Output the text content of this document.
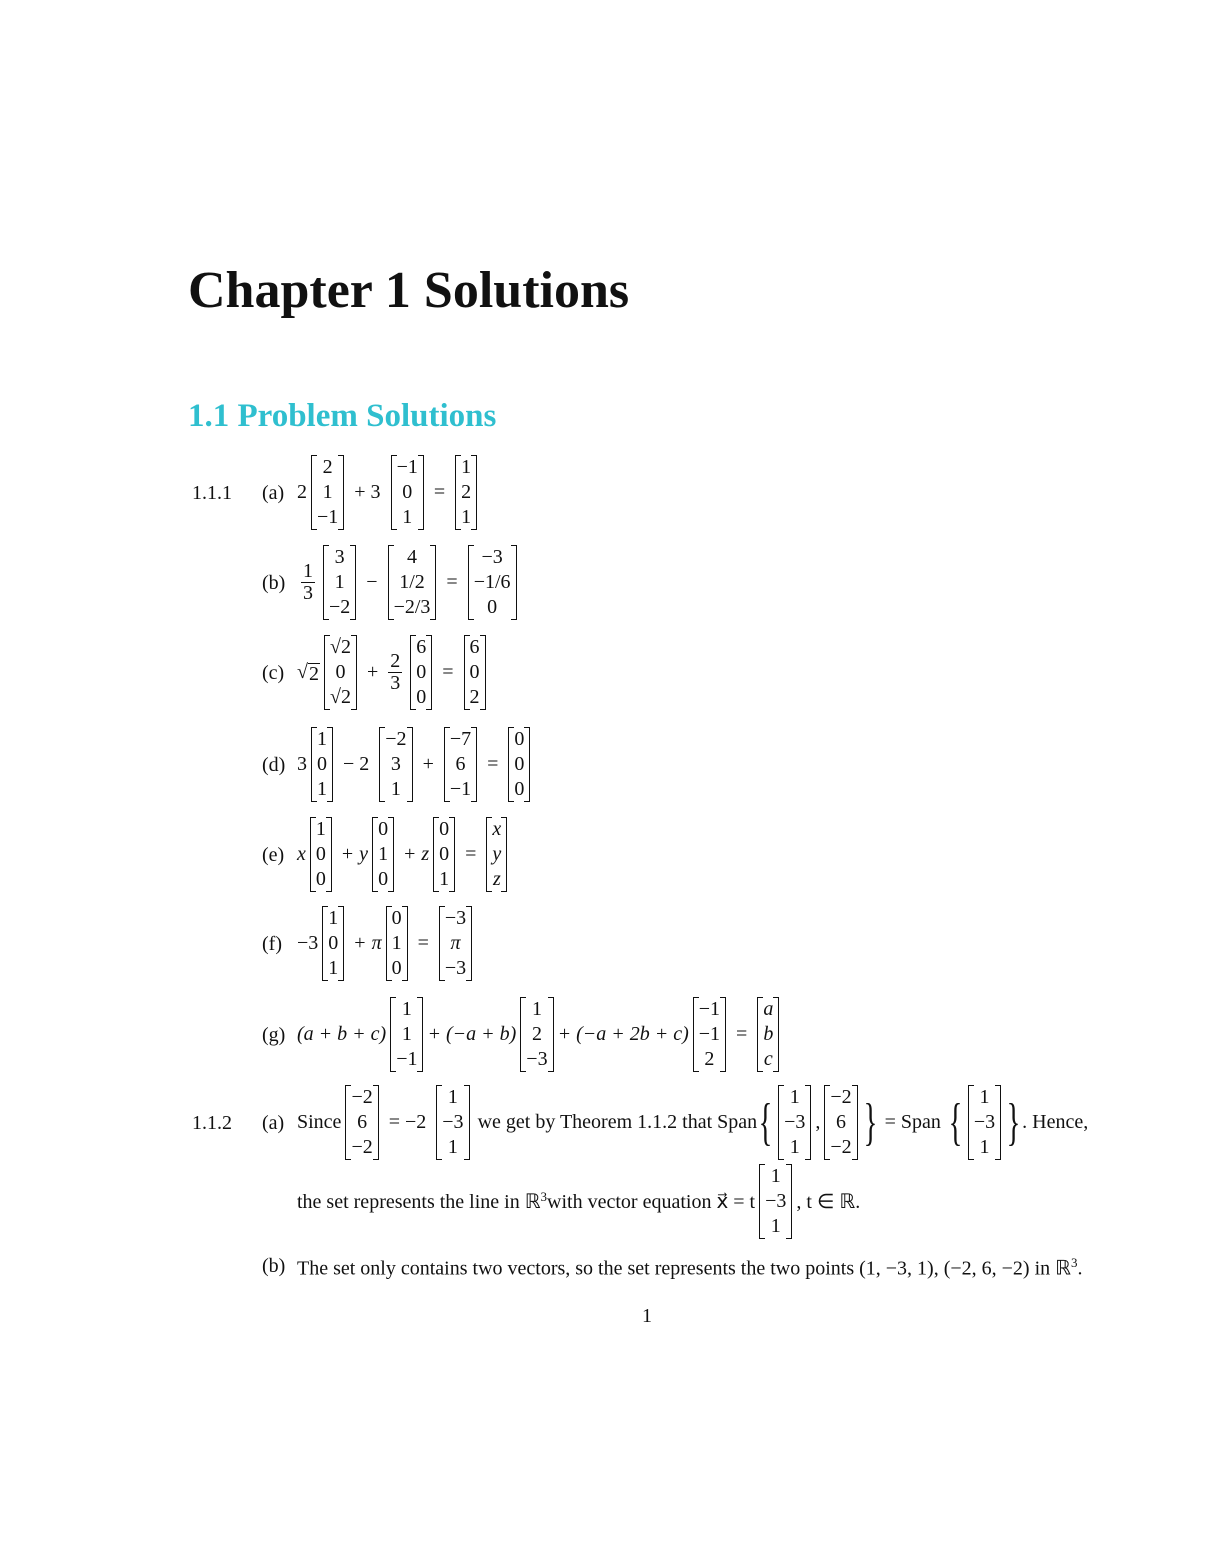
Chapter 1 Solutions
1.1 Problem Solutions
1.1.1 (a) 2
2
1
−1
+ 3
−1
0
1
=
1
2
1
$(b) \frac{1}{3}$
3
1
−2
−
4
1/2
−2/3
=
−3
−1/6
0
(c) √ 2
√2
0
√2
+ $\frac{2}{3}$
6
0
0
=
6
0
2
(d) 3
1
0
1
− 2
−2
3
1
+
−7
6
−1
=
0
0
0
(e) x
1
0
0
+ y
0
1
0
+ z
0
0
1
=
x
y
z
(f) −3
1
0
1
+ π
0
1
0
=
−3
π
−3
(g) (a + b + c)
1
1
−1
+ (−a + b)
1
2
−3
+ (−a + 2b + c)
−1
−1
2
=
a
b
c
1.1.2 (a) Since
−2
6
−2
= −2
1
−3
1
we get by Theorem 1.1.2 that Span { 1
−3
1
,
−2
6
−2 } = Span { 1
−3
1 } . Hence,
the set represents the line in ℝ$^3$ with vector equation x⃗ = t
1
−3
1
, t ∈ ℝ.
(b) The set only contains two vectors, so the set represents the two points (1, −3, 1), (−2, 6, −2) in ℝ$^3$.
1
